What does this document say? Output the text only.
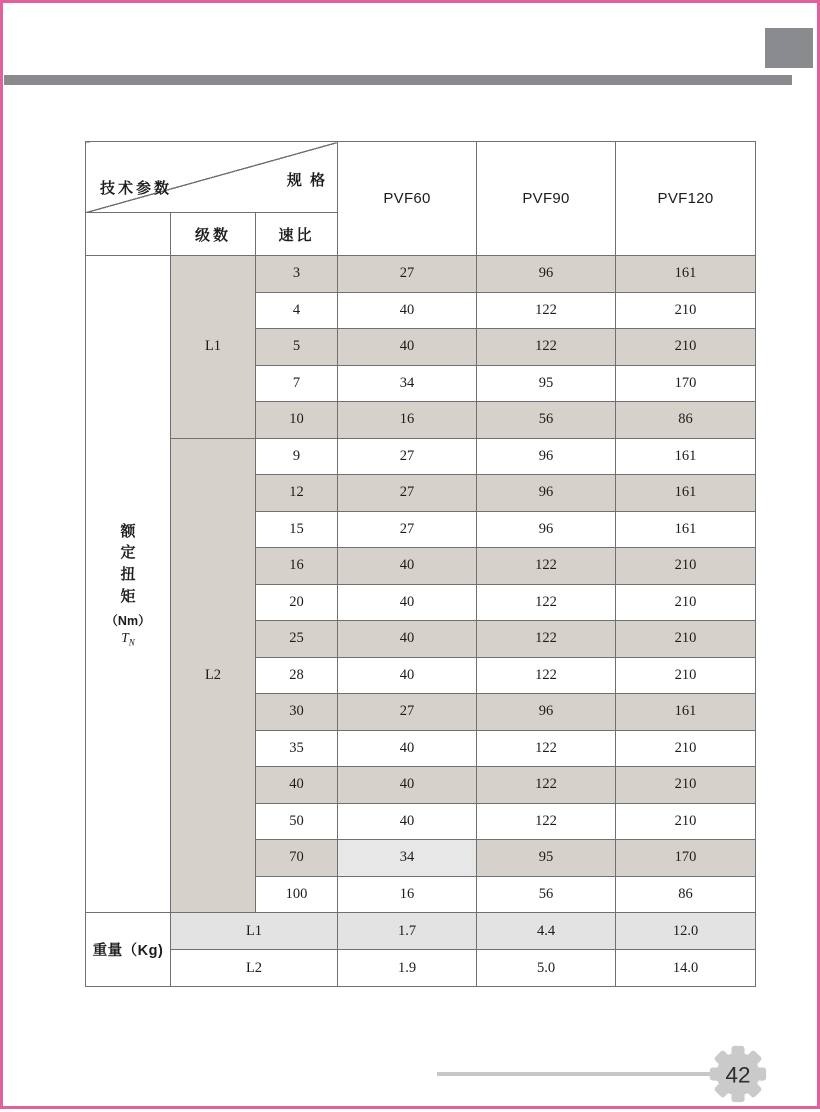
规 格
技术参数			PVF60	PVF90	PVF120
	级数	速比			

额定扭矩
（Nm）
$T_N$	L1	3	27	96	161
		4	40	122	210
		5	40	122	210
		7	34	95	170
		10	16	56	86
	L2	9	27	96	161
		12	27	96	161
		15	27	96	161
		16	40	122	210
		20	40	122	210
		25	40	122	210
		28	40	122	210
		30	27	96	161
		35	40	122	210
		40	40	122	210
		50	40	122	210
		70	34	95	170
		100	16	56	86
重量（Kg)	L1		1.7	4.4	12.0
	L2		1.9	5.0	14.0
42
